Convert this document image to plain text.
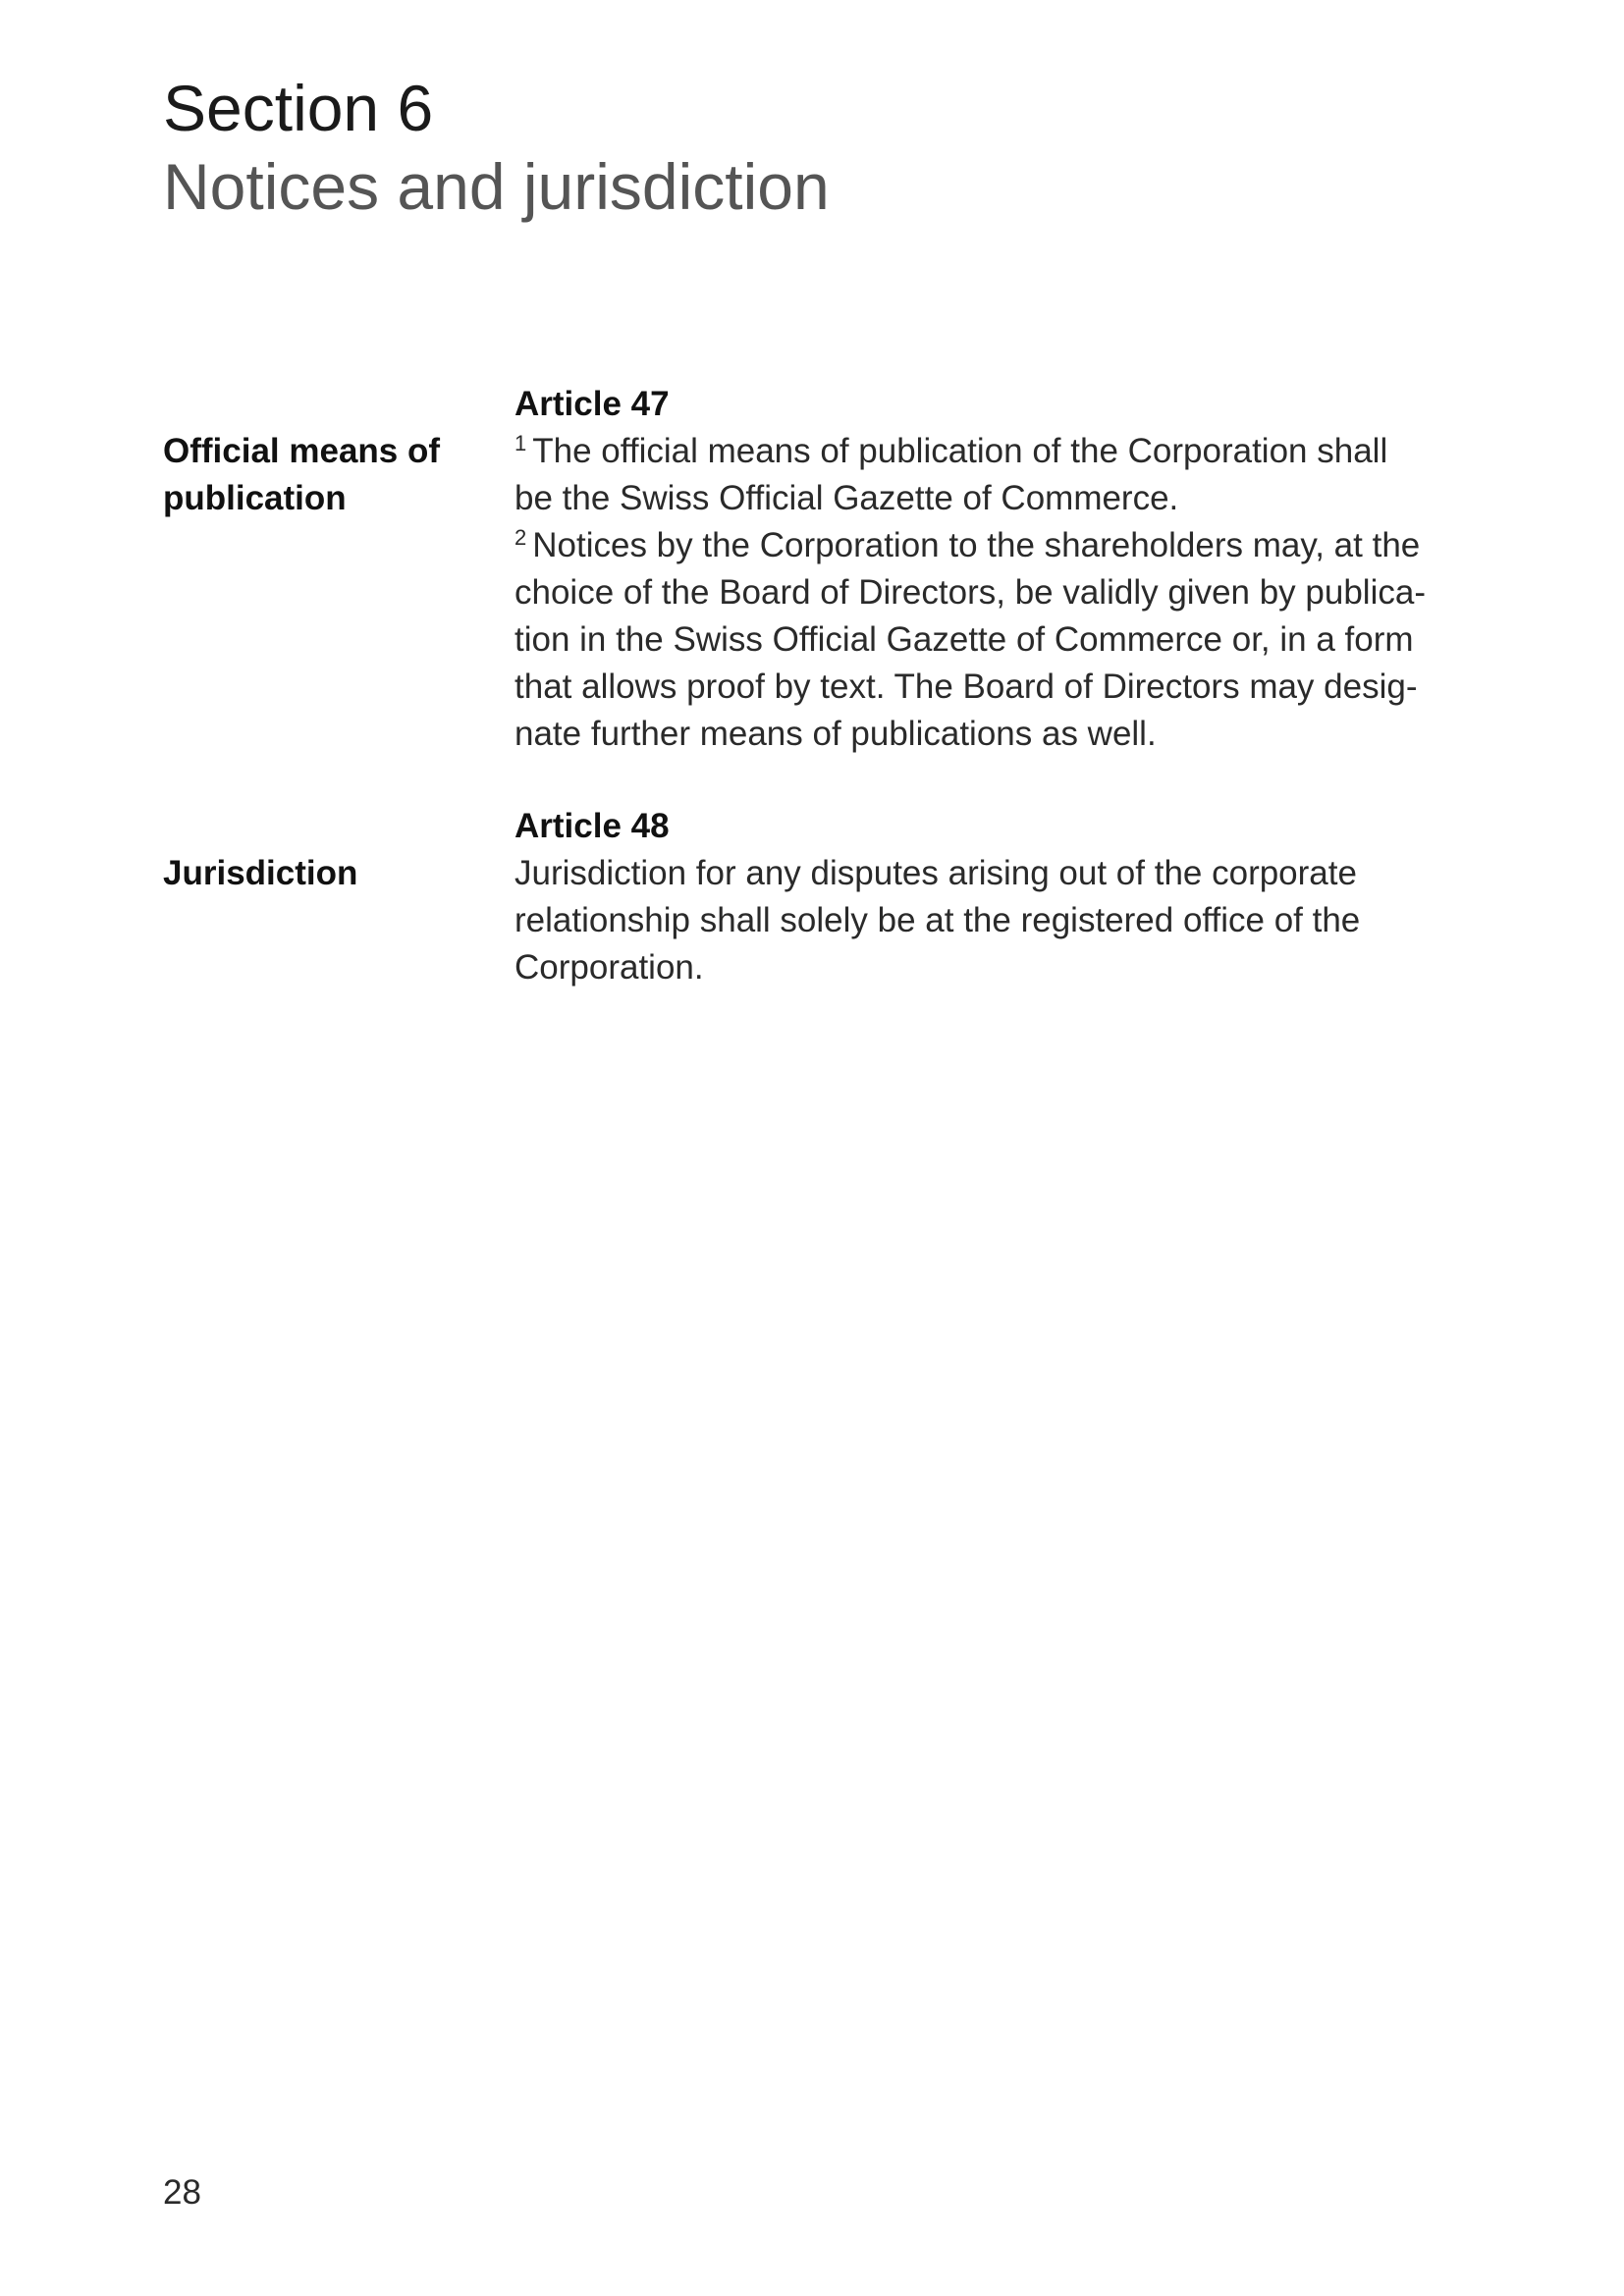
Section 6
Notices and jurisdiction
Article 47
Official means of
publication
$^1$ The official means of publication of the Corporation shall
be the Swiss Official Gazette of Commerce.
$^2$ Notices by the Corporation to the shareholders may, at the
choice of the Board of Directors, be validly given by publica-
tion in the Swiss Official Gazette of Commerce or, in a form
that allows proof by text. The Board of Directors may desig-
nate further means of publications as well.
Article 48
Jurisdiction	Jurisdiction for any disputes arising out of the corporate
relationship shall solely be at the registered office of the
Corporation.
28
